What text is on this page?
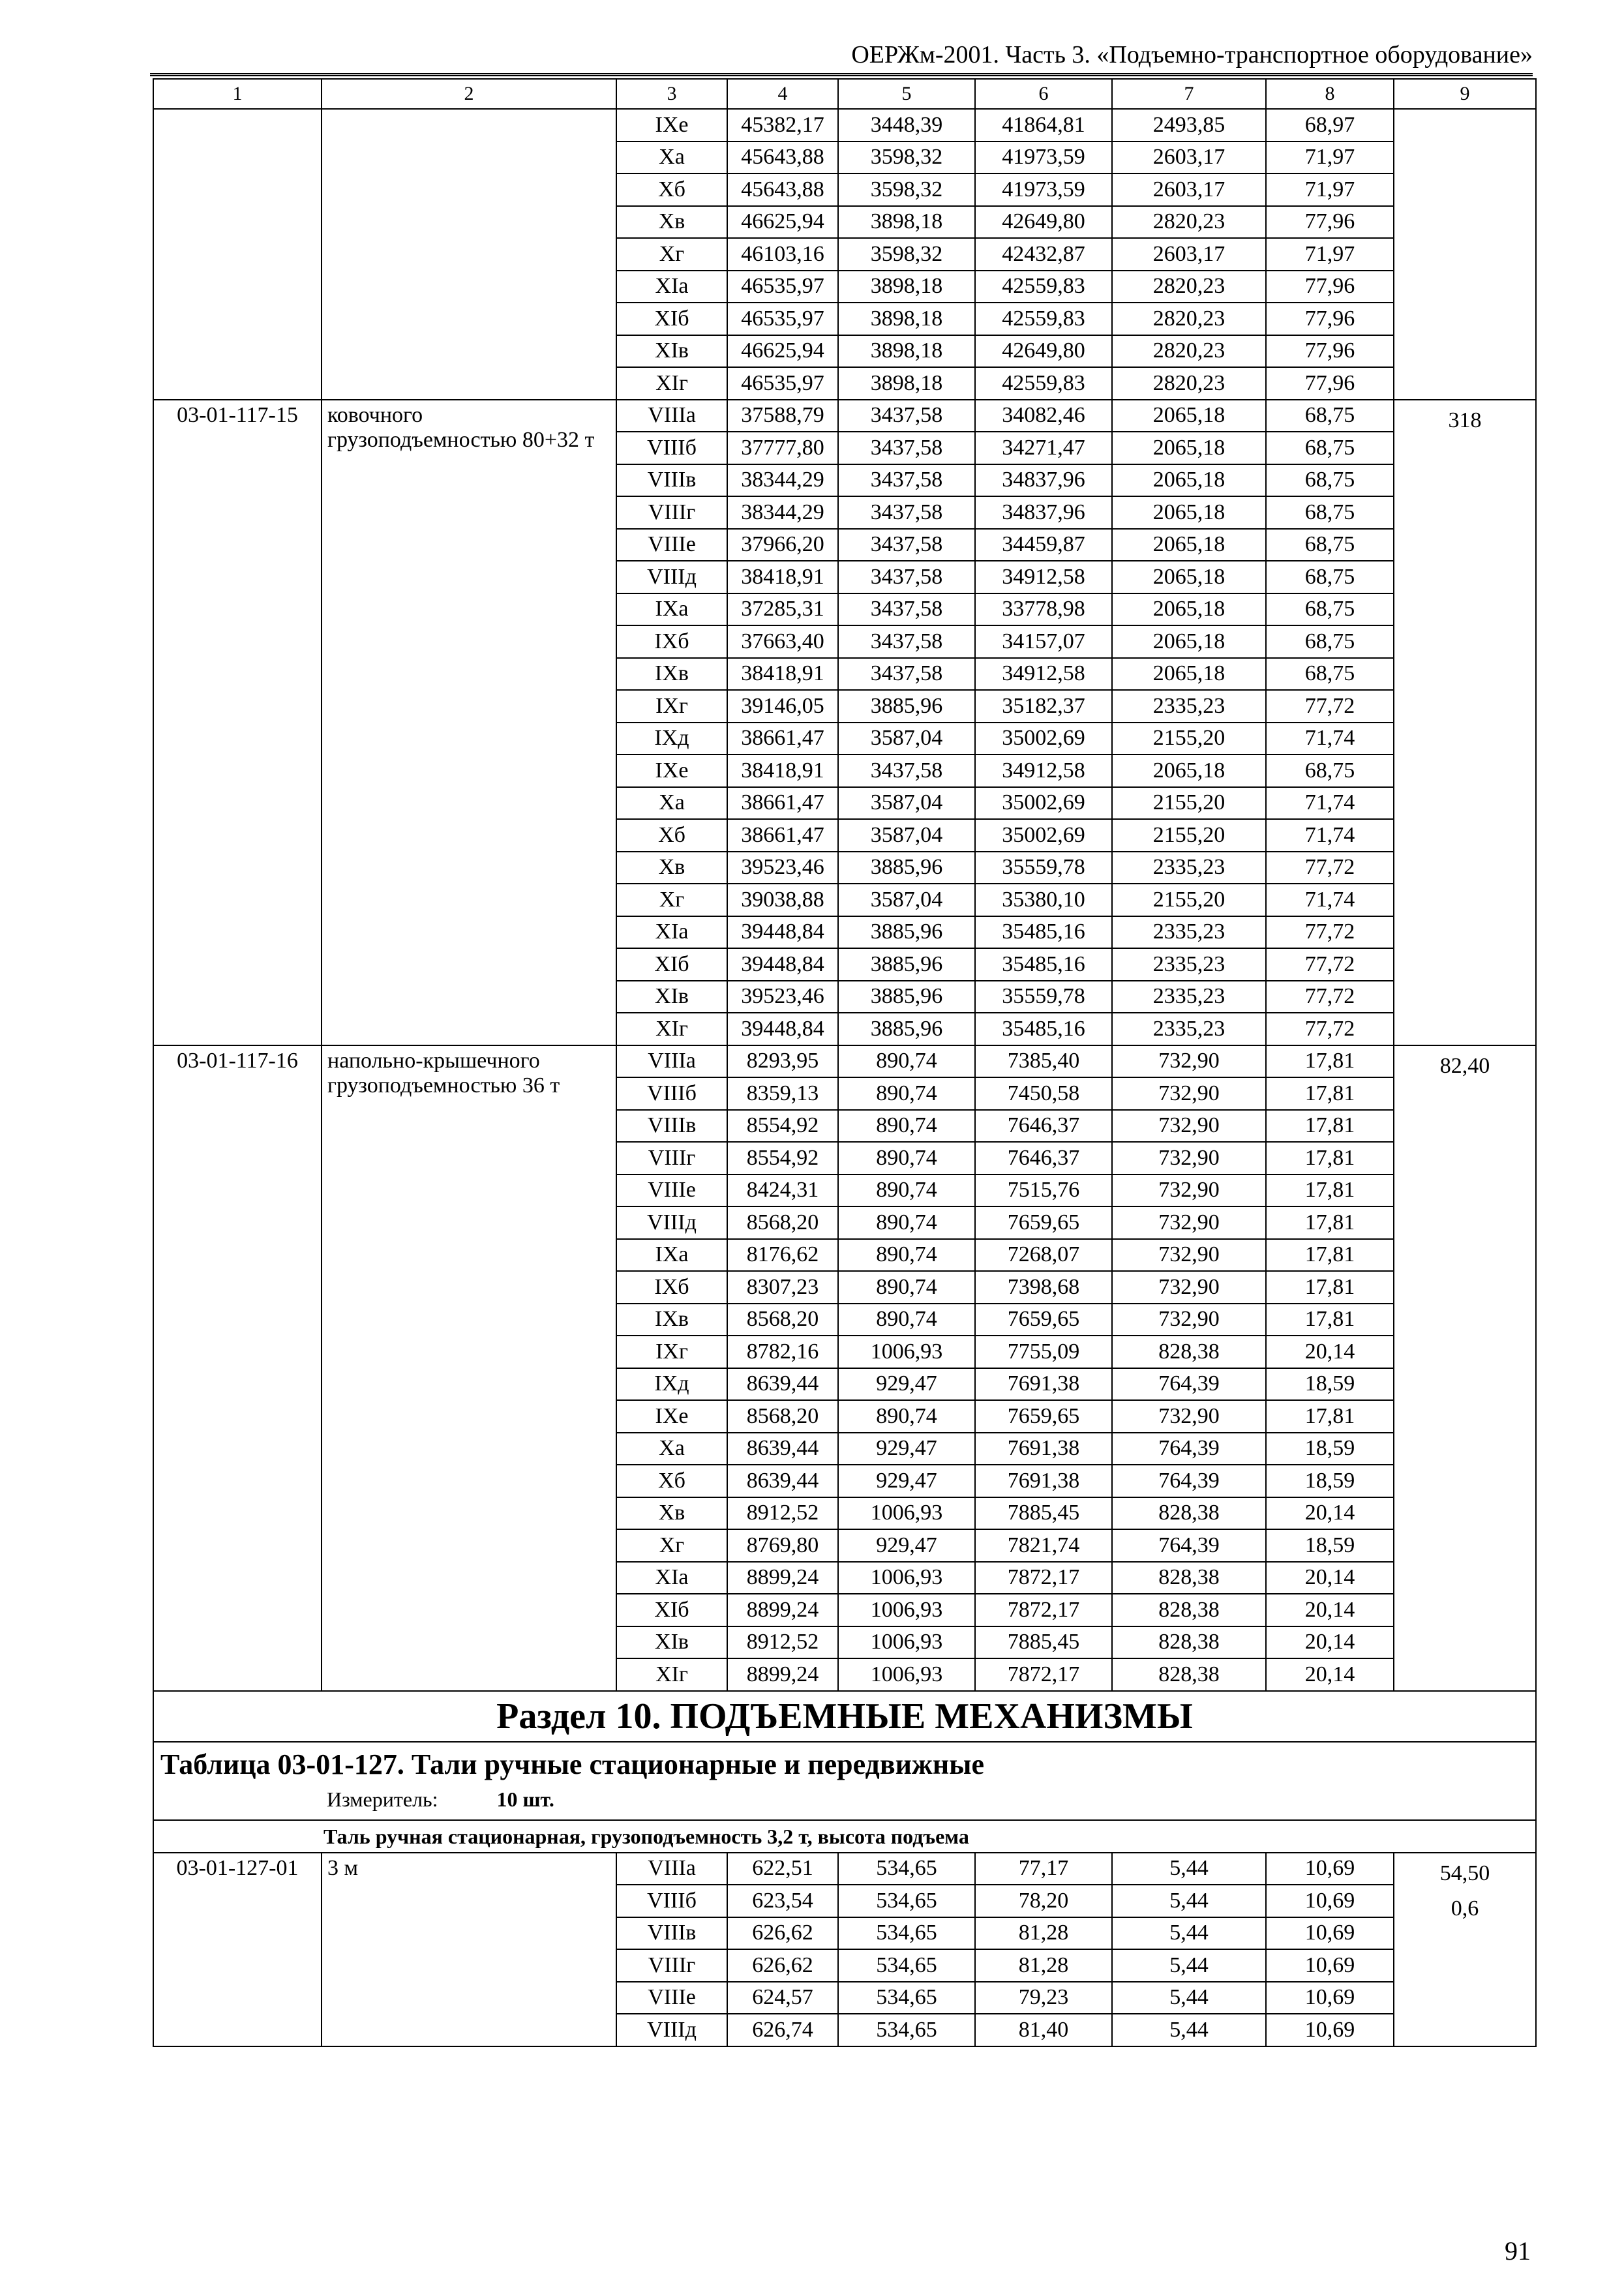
ОЕРЖм-2001. Часть 3. «Подъемно-транспортное оборудование»
1	2	3	4	5	6	7	8	9
		IXе	45382,17	3448,39	41864,81	2493,85	68,97	
		Xа	45643,88	3598,32	41973,59	2603,17	71,97	
		Xб	45643,88	3598,32	41973,59	2603,17	71,97	
		Xв	46625,94	3898,18	42649,80	2820,23	77,96	
		Xг	46103,16	3598,32	42432,87	2603,17	71,97	
		XIа	46535,97	3898,18	42559,83	2820,23	77,96	
		XIб	46535,97	3898,18	42559,83	2820,23	77,96	
		XIв	46625,94	3898,18	42649,80	2820,23	77,96	
		XIг	46535,97	3898,18	42559,83	2820,23	77,96	
03-01-117-15	ковочного грузоподъемностью 80+32 т	VIIIа	37588,79	3437,58	34082,46	2065,18	68,75	318
		VIIIб	37777,80	3437,58	34271,47	2065,18	68,75	
		VIIIв	38344,29	3437,58	34837,96	2065,18	68,75	
		VIIIг	38344,29	3437,58	34837,96	2065,18	68,75	
		VIIIе	37966,20	3437,58	34459,87	2065,18	68,75	
		VIIIд	38418,91	3437,58	34912,58	2065,18	68,75	
		IXа	37285,31	3437,58	33778,98	2065,18	68,75	
		IXб	37663,40	3437,58	34157,07	2065,18	68,75	
		IXв	38418,91	3437,58	34912,58	2065,18	68,75	
		IXг	39146,05	3885,96	35182,37	2335,23	77,72	
		IXд	38661,47	3587,04	35002,69	2155,20	71,74	
		IXе	38418,91	3437,58	34912,58	2065,18	68,75	
		Xа	38661,47	3587,04	35002,69	2155,20	71,74	
		Xб	38661,47	3587,04	35002,69	2155,20	71,74	
		Xв	39523,46	3885,96	35559,78	2335,23	77,72	
		Xг	39038,88	3587,04	35380,10	2155,20	71,74	
		XIа	39448,84	3885,96	35485,16	2335,23	77,72	
		XIб	39448,84	3885,96	35485,16	2335,23	77,72	
		XIв	39523,46	3885,96	35559,78	2335,23	77,72	
		XIг	39448,84	3885,96	35485,16	2335,23	77,72	
03-01-117-16	напольно-крышечного грузоподъемностью 36 т	VIIIа	8293,95	890,74	7385,40	732,90	17,81	82,40
		VIIIб	8359,13	890,74	7450,58	732,90	17,81	
		VIIIв	8554,92	890,74	7646,37	732,90	17,81	
		VIIIг	8554,92	890,74	7646,37	732,90	17,81	
		VIIIе	8424,31	890,74	7515,76	732,90	17,81	
		VIIIд	8568,20	890,74	7659,65	732,90	17,81	
		IXа	8176,62	890,74	7268,07	732,90	17,81	
		IXб	8307,23	890,74	7398,68	732,90	17,81	
		IXв	8568,20	890,74	7659,65	732,90	17,81	
		IXг	8782,16	1006,93	7755,09	828,38	20,14	
		IXд	8639,44	929,47	7691,38	764,39	18,59	
		IXе	8568,20	890,74	7659,65	732,90	17,81	
		Xа	8639,44	929,47	7691,38	764,39	18,59	
		Xб	8639,44	929,47	7691,38	764,39	18,59	
		Xв	8912,52	1006,93	7885,45	828,38	20,14	
		Xг	8769,80	929,47	7821,74	764,39	18,59	
		XIа	8899,24	1006,93	7872,17	828,38	20,14	
		XIб	8899,24	1006,93	7872,17	828,38	20,14	
		XIв	8912,52	1006,93	7885,45	828,38	20,14	
		XIг	8899,24	1006,93	7872,17	828,38	20,14	
Раздел 10. ПОДЪЕМНЫЕ МЕХАНИЗМЫ								

Таблица 03-01-127. Тали ручные стационарные и передвижные
Измеритель: 10 шт.								

Таль ручная стационарная, грузоподъемность 3,2 т, высота подъема								
03-01-127-01	3 м	VIIIа	622,51	534,65	77,17	5,44	10,69	54,50
0,6
		VIIIб	623,54	534,65	78,20	5,44	10,69	
		VIIIв	626,62	534,65	81,28	5,44	10,69	
		VIIIг	626,62	534,65	81,28	5,44	10,69	
		VIIIе	624,57	534,65	79,23	5,44	10,69	
		VIIIд	626,74	534,65	81,40	5,44	10,69	
91
